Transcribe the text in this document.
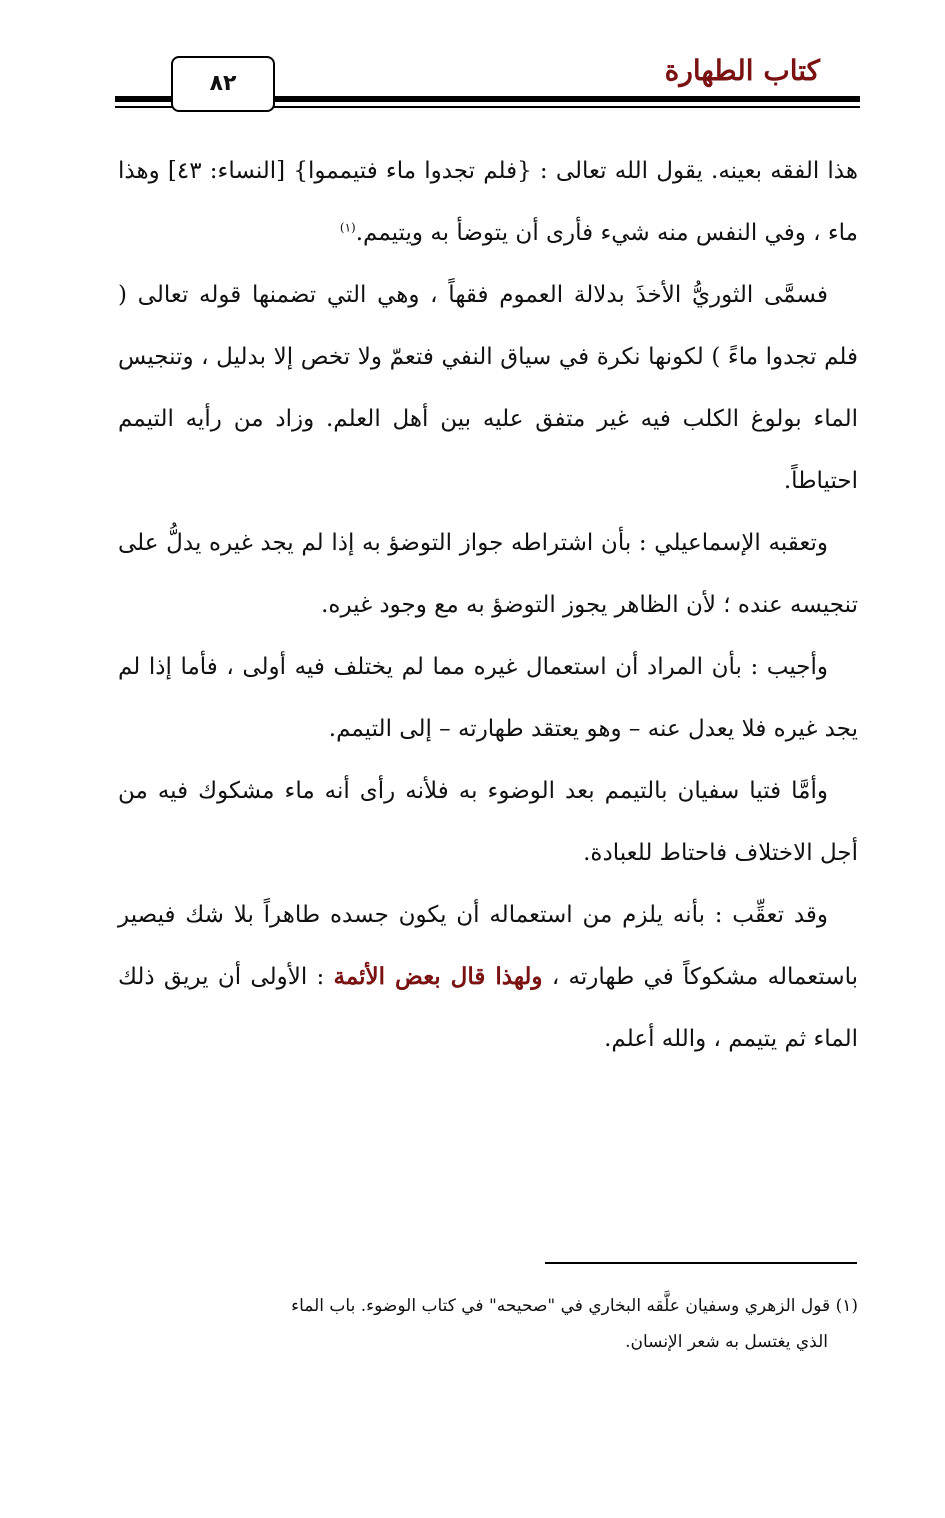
كتاب الطهارة
٨٢

هذا الفقه بعينه. يقول الله تعالى : {فلم تجدوا ماء فتيمموا} [النساء: ٤٣] وهذا ماء ، وفي النفس منه شيء فأرى أن يتوضأ به ويتيمم.$^{(١)}$

فسمَّى الثوريُّ الأخذَ بدلالة العموم فقهاً ، وهي التي تضمنها قوله تعالى ( فلم تجدوا ماءً ) لكونها نكرة في سياق النفي فتعمّ ولا تخص إلا بدليل ، وتنجيس الماء بولوغ الكلب فيه غير متفق عليه بين أهل العلم. وزاد من رأيه التيمم احتياطاً.

وتعقبه الإسماعيلي : بأن اشتراطه جواز التوضؤ به إذا لم يجد غيره يدلُّ على تنجيسه عنده ؛ لأن الظاهر يجوز التوضؤ به مع وجود غيره.

وأجيب : بأن المراد أن استعمال غيره مما لم يختلف فيه أولى ، فأما إذا لم يجد غيره فلا يعدل عنه – وهو يعتقد طهارته – إلى التيمم.

وأمَّا فتيا سفيان بالتيمم بعد الوضوء به فلأنه رأى أنه ماء مشكوك فيه من أجل الاختلاف فاحتاط للعبادة.

وقد تعقِّب : بأنه يلزم من استعماله أن يكون جسده طاهراً بلا شك فيصير باستعماله مشكوكاً في طهارته ، ولهذا قال بعض الأئمة : الأولى أن يريق ذلك الماء ثم يتيمم ، والله أعلم.

(١) قول الزهري وسفيان علَّقه البخاري في "صحيحه" في كتاب الوضوء. باب الماء
الذي يغتسل به شعر الإنسان.
